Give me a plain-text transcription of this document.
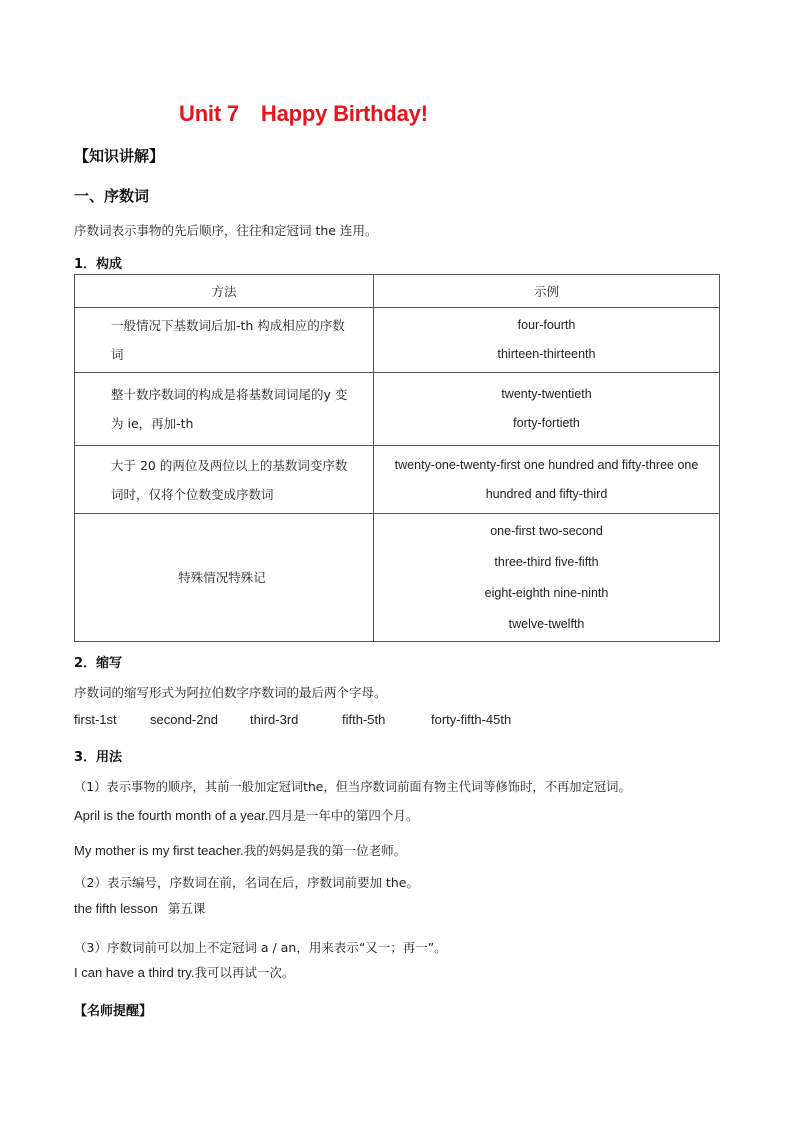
Unit 7 Happy Birthday!
【知识讲解】
一、序数词
序数词表示事物的先后顺序，往往和定冠词 the 连用。
1．构成
方法	示例

一般情况下基数词后加-th 构成相应的序数
词	four-fourth
thirteen-thirteenth

整十数序数词的构成是将基数词词尾的y 变
为 ie，再加-th	twenty-twentieth
forty-fortieth

大于 20 的两位及两位以上的基数词变序数
词时，仅将个位数变成序数词	twenty-one-twenty-first one hundred and fifty-three one
hundred and fifty-third

特殊情况特殊记	one-first two-second
three-third five-fifth
eight-eighth nine-ninth
twelve-twelfth
2．缩写
序数词的缩写形式为阿拉伯数字序数词的最后两个字母。
first-1st	second-2nd third-3rd	fifth-5th	forty-fifth-45th
3．用法
（1）表示事物的顺序，其前一般加定冠词the，但当序数词前面有物主代词等修饰时，不再加定冠词。
April is the fourth month of a year.四月是一年中的第四个月。
My mother is my first teacher.我的妈妈是我的第一位老师。
（2）表示编号，序数词在前，名词在后，序数词前要加 the。
the fifth lesson 第五课
（3）序数词前可以加上不定冠词 a / an，用来表示“又一；再一”。
I can have a third try.我可以再试一次。
【名师提醒】
